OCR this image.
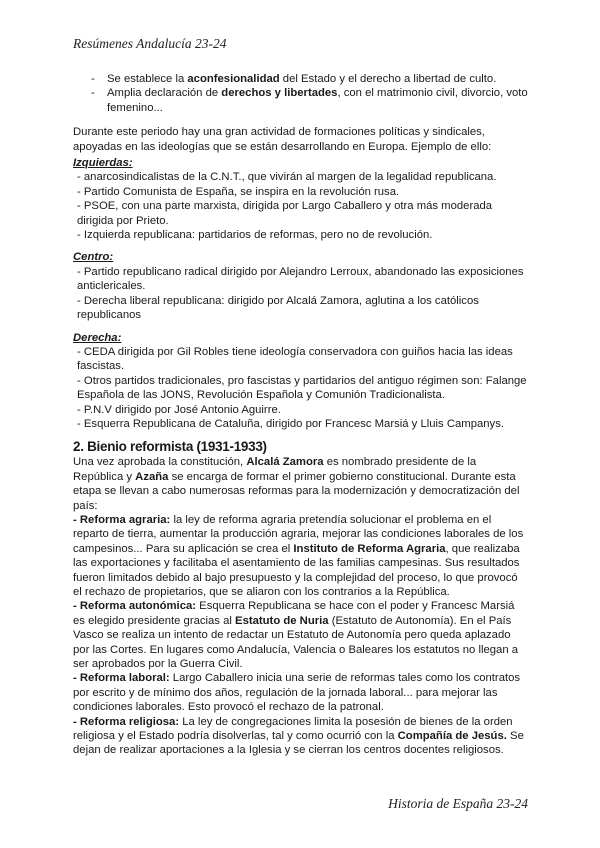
Resúmenes Andalucía 23-24
- Se establece la aconfesionalidad del Estado y el derecho a libertad de culto.
- Amplia declaración de derechos y libertades, con el matrimonio civil, divorcio, voto femenino...

Durante este periodo hay una gran actividad de formaciones políticas y sindicales, apoyadas en las ideologías que se están desarrollando en Europa. Ejemplo de ello:

Izquierdas:
- anarcosindicalistas de la C.N.T., que vivirán al margen de la legalidad republicana.
- Partido Comunista de España, se inspira en la revolución rusa.
- PSOE, con una parte marxista, dirigida por Largo Caballero y otra más moderada dirigida por Prieto.
- Izquierda republicana: partidarios de reformas, pero no de revolución.
Centro:
- Partido republicano radical dirigido por Alejandro Lerroux, abandonado las exposiciones anticlericales.
- Derecha liberal republicana: dirigido por Alcalá Zamora, aglutina a los católicos republicanos
Derecha:
- CEDA dirigida por Gil Robles tiene ideología conservadora con guiños hacia las ideas fascistas.
- Otros partidos tradicionales, pro fascistas y partidarios del antiguo régimen son: Falange Española de las JONS, Revolución Española y Comunión Tradicionalista.
- P.N.V dirigido por José Antonio Aguirre.
- Esquerra Republicana de Cataluña, dirigido por Francesc Marsiá y Lluis Campanys.
2. Bienio reformista (1931-1933)

Una vez aprobada la constitución, Alcalá Zamora es nombrado presidente de la República y Azaña se encarga de formar el primer gobierno constitucional. Durante esta etapa se llevan a cabo numerosas reformas para la modernización y democratización del país:

- Reforma agraria: la ley de reforma agraria pretendía solucionar el problema en el reparto de tierra, aumentar la producción agraria, mejorar las condiciones laborales de los campesinos... Para su aplicación se crea el Instituto de Reforma Agraria, que realizaba las exportaciones y facilitaba el asentamiento de las familias campesinas. Sus resultados fueron limitados debido al bajo presupuesto y la complejidad del proceso, lo que provocó el rechazo de propietarios, que se aliaron con los contrarios a la República.

- Reforma autonómica: Esquerra Republicana se hace con el poder y Francesc Marsiá es elegido presidente gracias al Estatuto de Nuria (Estatuto de Autonomía). En el País Vasco se realiza un intento de redactar un Estatuto de Autonomía pero queda aplazado por las Cortes. En lugares como Andalucía, Valencia o Baleares los estatutos no llegan a ser aprobados por la Guerra Civil.

- Reforma laboral: Largo Caballero inicia una serie de reformas tales como los contratos por escrito y de mínimo dos años, regulación de la jornada laboral... para mejorar las condiciones laborales. Esto provocó el rechazo de la patronal.

- Reforma religiosa: La ley de congregaciones limita la posesión de bienes de la orden religiosa y el Estado podría disolverlas, tal y como ocurrió con la Compañía de Jesús. Se dejan de realizar aportaciones a la Iglesia y se cierran los centros docentes religiosos.

Historia de España 23-24
